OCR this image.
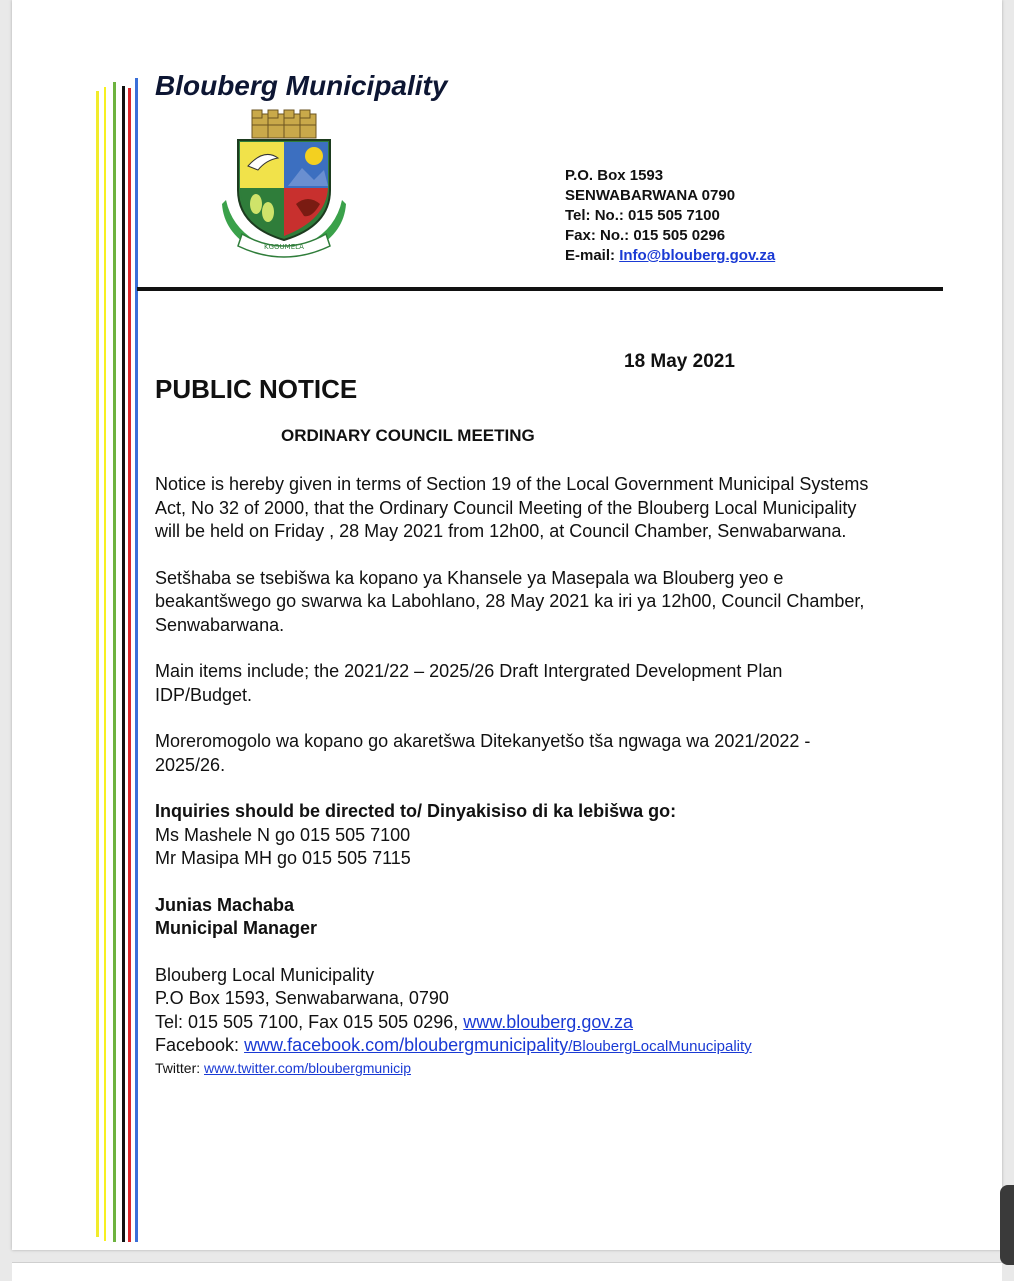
Blouberg Municipality
KGOUMELA
P.O. Box 1593
SENWABARWANA 0790
Tel: No.: 015 505 7100
Fax: No.: 015 505 0296
E-mail: Info@blouberg.gov.za
18 May 2021
PUBLIC NOTICE
ORDINARY COUNCIL MEETING

Notice is hereby given in terms of Section 19 of the Local Government Municipal Systems Act, No 32 of 2000, that the Ordinary Council Meeting of the Blouberg Local Municipality will be held on Friday , 28 May 2021 from 12h00, at Council Chamber, Senwabarwana.

Setšhaba se tsebišwa ka kopano ya Khansele ya Masepala wa Blouberg yeo e beakantšwego go swarwa ka Labohlano, 28 May 2021 ka iri ya 12h00, Council Chamber, Senwabarwana.

Main items include; the 2021/22 – 2025/26 Draft Intergrated Development Plan IDP/Budget.

Moreromogolo wa kopano go akaretšwa Ditekanyetšo tša ngwaga wa 2021/2022 - 2025/26.

Inquiries should be directed to/ Dinyakisiso di ka lebišwa go:
Ms Mashele N go 015 505 7100
Mr Masipa MH go 015 505 7115
Junias Machaba
Municipal Manager
Blouberg Local Municipality
P.O Box 1593, Senwabarwana, 0790
Tel: 015 505 7100, Fax 015 505 0296, www.blouberg.gov.za
Facebook: www.facebook.com/bloubergmunicipality/BloubergLocalMunucipality
Twitter: www.twitter.com/bloubergmunicip
